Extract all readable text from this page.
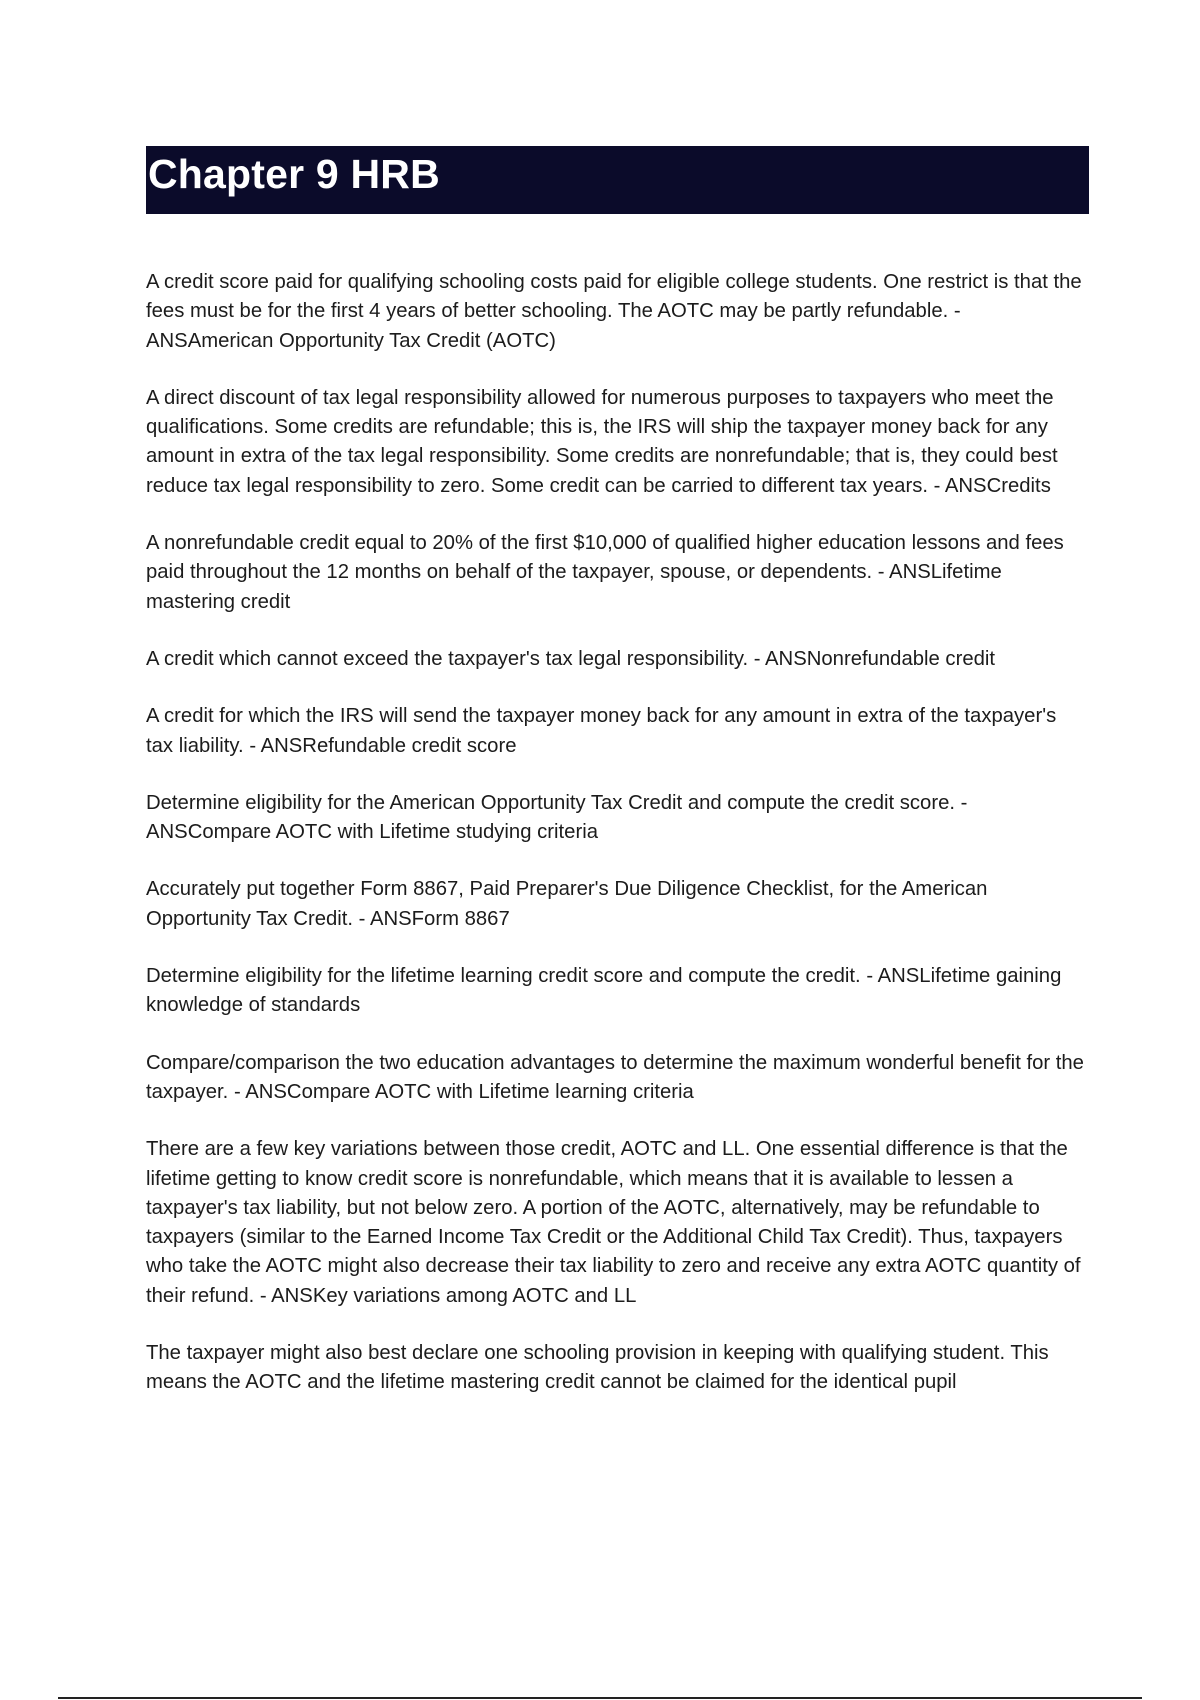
Chapter 9 HRB

A credit score paid for qualifying schooling costs paid for eligible college students. One restrict is that the fees must be for the first 4 years of better schooling. The AOTC may be partly refundable. - ANSAmerican Opportunity Tax Credit (AOTC)

A direct discount of tax legal responsibility allowed for numerous purposes to taxpayers who meet the qualifications. Some credits are refundable; this is, the IRS will ship the taxpayer money back for any amount in extra of the tax legal responsibility. Some credits are nonrefundable; that is, they could best reduce tax legal responsibility to zero. Some credit can be carried to different tax years. - ANSCredits

A nonrefundable credit equal to 20% of the first $10,000 of qualified higher education lessons and fees paid throughout the 12 months on behalf of the taxpayer, spouse, or dependents. - ANSLifetime mastering credit

A credit which cannot exceed the taxpayer's tax legal responsibility. - ANSNonrefundable credit

A credit for which the IRS will send the taxpayer money back for any amount in extra of the taxpayer's tax liability. - ANSRefundable credit score

Determine eligibility for the American Opportunity Tax Credit and compute the credit score. - ANSCompare AOTC with Lifetime studying criteria

Accurately put together Form 8867, Paid Preparer's Due Diligence Checklist, for the American Opportunity Tax Credit. - ANSForm 8867

Determine eligibility for the lifetime learning credit score and compute the credit. - ANSLifetime gaining knowledge of standards

Compare/comparison the two education advantages to determine the maximum wonderful benefit for the taxpayer. - ANSCompare AOTC with Lifetime learning criteria

There are a few key variations between those credit, AOTC and LL. One essential difference is that the lifetime getting to know credit score is nonrefundable, which means that it is available to lessen a taxpayer's tax liability, but not below zero. A portion of the AOTC, alternatively, may be refundable to taxpayers (similar to the Earned Income Tax Credit or the Additional Child Tax Credit). Thus, taxpayers who take the AOTC might also decrease their tax liability to zero and receive any extra AOTC quantity of their refund. - ANSKey variations among AOTC and LL

The taxpayer might also best declare one schooling provision in keeping with qualifying student. This means the AOTC and the lifetime mastering credit cannot be claimed for the identical pupil
